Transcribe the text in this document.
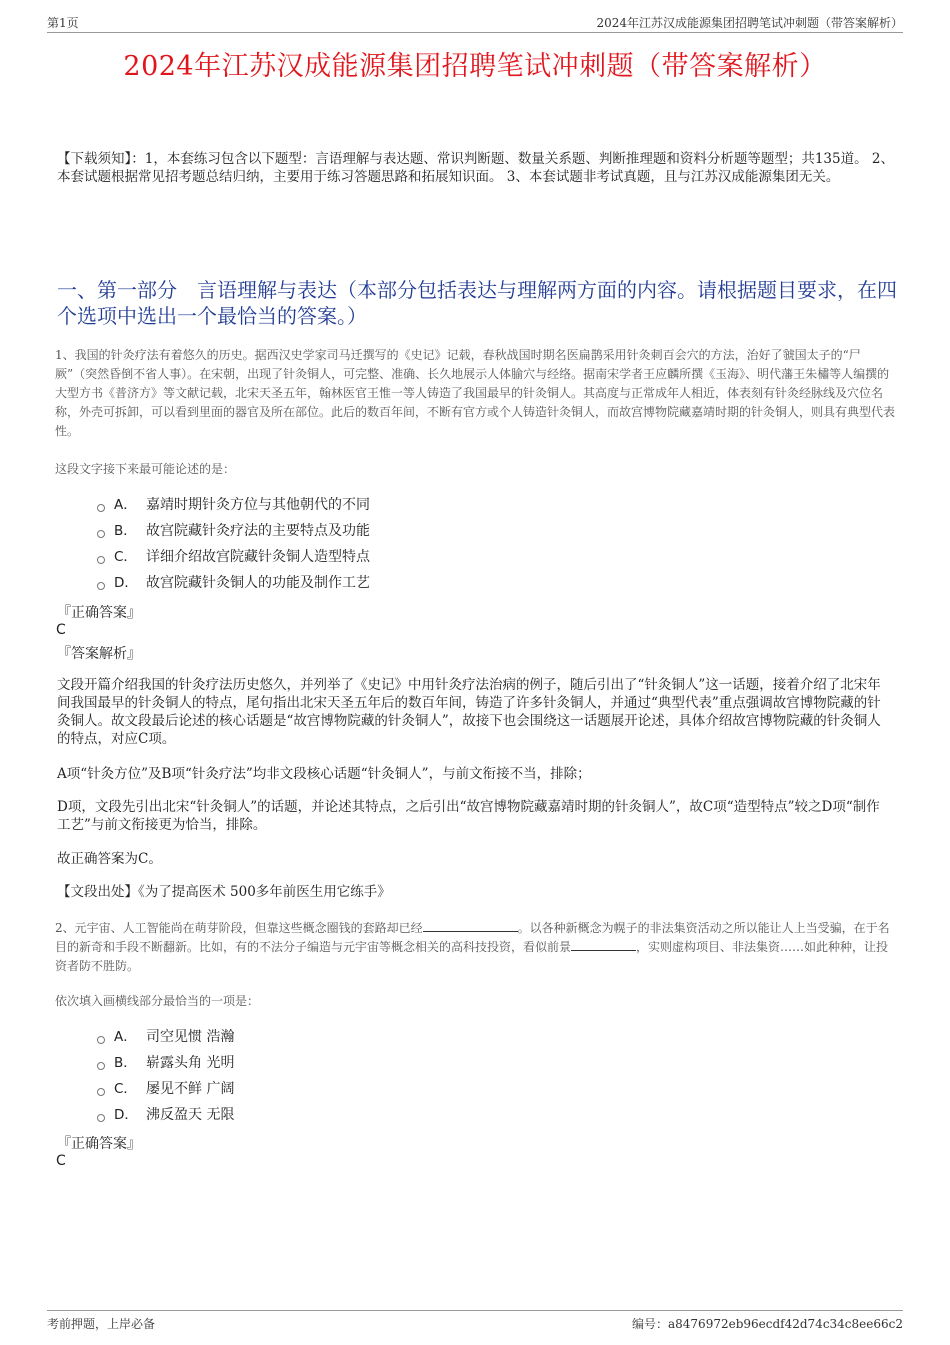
第1页	2024年江苏汉成能源集团招聘笔试冲刺题（带答案解析）
2024年江苏汉成能源集团招聘笔试冲刺题（带答案解析）
【下载须知】：1，本套练习包含以下题型：言语理解与表达题、常识判断题、数量关系题、判断推理题和资料分析题等题型；共135道。 2、本套试题根据常见招考题总结归纳，主要用于练习答题思路和拓展知识面。 3、本套试题非考试真题，且与江苏汉成能源集团无关。
一、第一部分　言语理解与表达（本部分包括表达与理解两方面的内容。请根据题目要求，在四个选项中选出一个最恰当的答案。）
1、我国的针灸疗法有着悠久的历史。据西汉史学家司马迁撰写的《史记》记载，春秋战国时期名医扁鹊采用针灸刺百会穴的方法，治好了虢国太子的“尸厥”（突然昏倒不省人事）。在宋朝，出现了针灸铜人，可完整、准确、长久地展示人体腧穴与经络。据南宋学者王应麟所撰《玉海》、明代藩王朱橚等人编撰的大型方书《普济方》等文献记载，北宋天圣五年，翰林医官王惟一等人铸造了我国最早的针灸铜人。其高度与正常成年人相近，体表刻有针灸经脉线及穴位名称，外壳可拆卸，可以看到里面的器官及所在部位。此后的数百年间，不断有官方或个人铸造针灸铜人，而故宫博物院藏嘉靖时期的针灸铜人，则具有典型代表性。
这段文字接下来最可能论述的是：
A． 嘉靖时期针灸方位与其他朝代的不同
B． 故宫院藏针灸疗法的主要特点及功能
C． 详细介绍故宫院藏针灸铜人造型特点
D． 故宫院藏针灸铜人的功能及制作工艺
『正确答案』
C
『答案解析』
文段开篇介绍我国的针灸疗法历史悠久，并列举了《史记》中用针灸疗法治病的例子，随后引出了“针灸铜人”这一话题，接着介绍了北宋年间我国最早的针灸铜人的特点，尾句指出北宋天圣五年后的数百年间，铸造了许多针灸铜人，并通过“典型代表”重点强调故宫博物院藏的针灸铜人。故文段最后论述的核心话题是“故宫博物院藏的针灸铜人”，故接下也会围绕这一话题展开论述，具体介绍故宫博物院藏的针灸铜人的特点，对应C项。
A项“针灸方位”及B项“针灸疗法”均非文段核心话题“针灸铜人”，与前文衔接不当，排除；
D项，文段先引出北宋“针灸铜人”的话题，并论述其特点，之后引出“故宫博物院藏嘉靖时期的针灸铜人”，故C项“造型特点”较之D项“制作工艺”与前文衔接更为恰当，排除。
故正确答案为C。
【文段出处】《为了提高医术 500多年前医生用它练手》
2、元宇宙、人工智能尚在萌芽阶段，但靠这些概念圈钱的套路却已经	。以各种新概念为幌子的非法集资活动之所以能让人上当受骗，在于名目的新奇和手段不断翻新。比如，有的不法分子编造与元宇宙等概念相关的高科技投资，看似前景	，实则虚构项目、非法集资……如此种种，让投资者防不胜防。
依次填入画横线部分最恰当的一项是：
A． 司空见惯 浩瀚
B． 崭露头角 光明
C． 屡见不鲜 广阔
D． 沸反盈天 无限
『正确答案』
C
考前押题，上岸必备	编号：a8476972eb96ecdf42d74c34c8ee66c2
